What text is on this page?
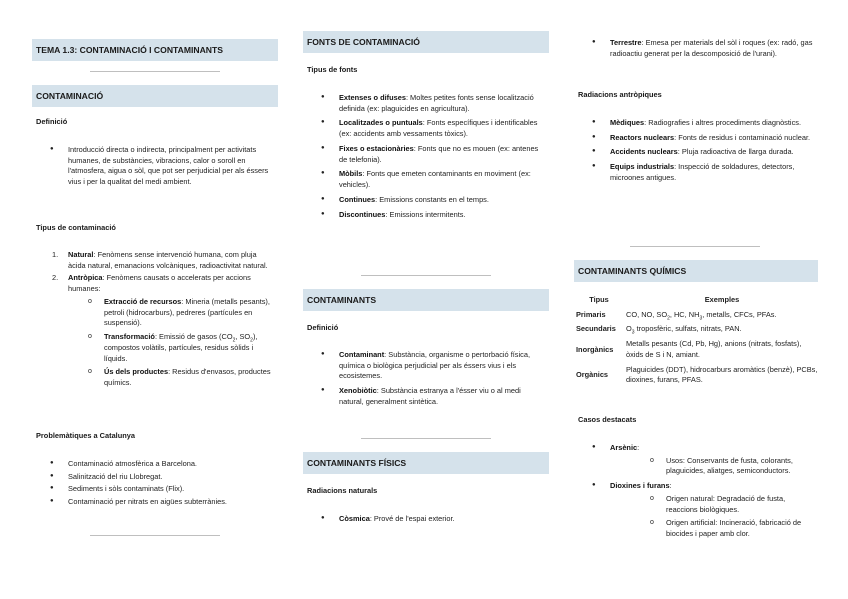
TEMA 1.3: CONTAMINACIÓ I CONTAMINANTS
CONTAMINACIÓ
Definició
● Introducció directa o indirecta, principalment per activitats humanes, de substàncies, vibracions, calor o soroll en l'atmosfera, aigua o sòl, que pot ser perjudicial per als éssers vius i per la qualitat del medi ambient.
Tipus de contaminació
1. Natural: Fenòmens sense intervenció humana, com pluja àcida natural, emanacions volcàniques, radioactivitat natural.
2. Antròpica: Fenòmens causats o accelerats per accions humanes:
o Extracció de recursos: Mineria (metalls pesants), petroli (hidrocarburs), pedreres (partícules en suspensió).
o Transformació: Emissió de gasos ($CO_2$, $SO_2$), compostos volàtils, partícules, residus sòlids i líquids.
o Ús dels productes: Residus d'envasos, productes químics.
Problemàtiques a Catalunya
● Contaminació atmosfèrica a Barcelona.
● Salinització del riu Llobregat.
● Sediments i sòls contaminats (Flix).
● Contaminació per nitrats en aigües subterrànies.
FONTS DE CONTAMINACIÓ
Tipus de fonts
● Extenses o difuses: Moltes petites fonts sense localització definida (ex: plaguicides en agricultura).
● Localitzades o puntuals: Fonts específiques i identificables (ex: accidents amb vessaments tòxics).
● Fixes o estacionàries: Fonts que no es mouen (ex: antenes de telefonia).
● Mòbils: Fonts que emeten contaminants en moviment (ex: vehicles).
● Continues: Emissions constants en el temps.
● Discontinues: Emissions intermitents.
CONTAMINANTS
Definició
● Contaminant: Substància, organisme o pertorbació física, química o biològica perjudicial per als éssers vius i els ecosistemes.
● Xenobiòtic: Substància estranya a l'ésser viu o al medi natural, generalment sintètica.
CONTAMINANTS FÍSICS
Radiacions naturals
● Còsmica: Prové de l'espai exterior.
● Terrestre: Emesa per materials del sòl i roques (ex: radó, gas radioactiu generat per la descomposició de l'urani).
Radiacions antròpiques
● Mèdiques: Radiografies i altres procediments diagnòstics.
● Reactors nuclears: Fonts de residus i contaminació nuclear.
● Accidents nuclears: Pluja radioactiva de llarga durada.
● Equips industrials: Inspecció de soldadures, detectors, microones antigues.
CONTAMINANTS QUÍMICS
Tipus	Exemples
Primaris	CO, NO, $SO_2$, HC, $NH_3$, metalls, CFCs, PFAs.
Secundaris	$O_3$ troposfèric, sulfats, nitrats, PAN.
Inorgànics	Metalls pesants (Cd, Pb, Hg), anions (nitrats, fosfats), òxids de S i N, amiant.
Orgànics	Plaguicides (DDT), hidrocarburs aromàtics (benzè), PCBs, dioxines, furans, PFAS.
Casos destacats
● Arsènic:
o Usos: Conservants de fusta, colorants, plaguicides, aliatges, semiconductors.
● Dioxines i furans:
o Origen natural: Degradació de fusta, reaccions biològiques.
o Origen artificial: Incineració, fabricació de biocides i paper amb clor.
